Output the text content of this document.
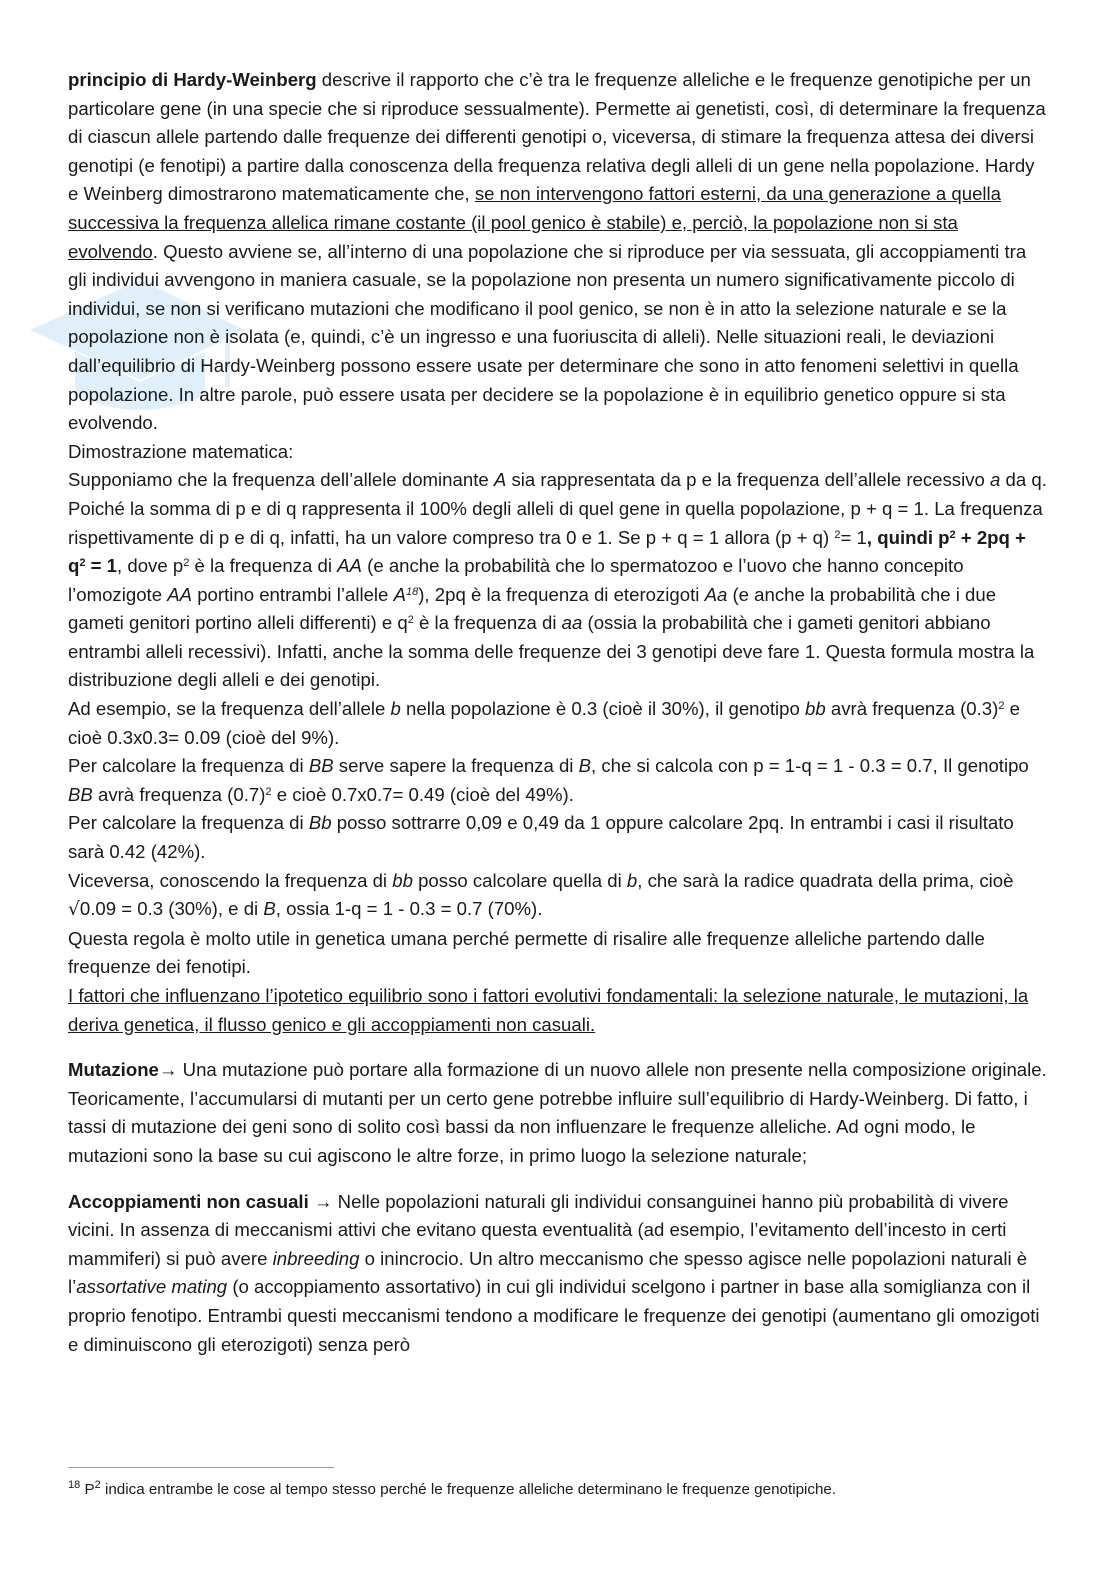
principio di Hardy-Weinberg descrive il rapporto che c’è tra le frequenze alleliche e le frequenze genotipiche per un particolare gene (in una specie che si riproduce sessualmente). Permette ai genetisti, così, di determinare la frequenza di ciascun allele partendo dalle frequenze dei differenti genotipi o, viceversa, di stimare la frequenza attesa dei diversi genotipi (e fenotipi) a partire dalla conoscenza della frequenza relativa degli alleli di un gene nella popolazione. Hardy e Weinberg dimostrarono matematicamente che, se non intervengono fattori esterni, da una generazione a quella successiva la frequenza allelica rimane costante (il pool genico è stabile) e, perciò, la popolazione non si sta evolvendo. Questo avviene se, all’interno di una popolazione che si riproduce per via sessuata, gli accoppiamenti tra gli individui avvengono in maniera casuale, se la popolazione non presenta un numero significativamente piccolo di individui, se non si verificano mutazioni che modificano il pool genico, se non è in atto la selezione naturale e se la popolazione non è isolata (e, quindi, c’è un ingresso e una fuoriuscita di alleli). Nelle situazioni reali, le deviazioni dall’equilibrio di Hardy-Weinberg possono essere usate per determinare che sono in atto fenomeni selettivi in quella popolazione. In altre parole, può essere usata per decidere se la popolazione è in equilibrio genetico oppure si sta evolvendo.

Dimostrazione matematica:

Supponiamo che la frequenza dell’allele dominante A sia rappresentata da p e la frequenza dell’allele recessivo a da q. Poiché la somma di p e di q rappresenta il 100% degli alleli di quel gene in quella popolazione, p + q = 1. La frequenza rispettivamente di p e di q, infatti, ha un valore compreso tra 0 e 1. Se p + q = 1 allora (p + q) $^2$= 1, quindi $p^2 + 2pq + q^2 = 1$, dove $p^2$ è la frequenza di AA (e anche la probabilità che lo spermatozoo e l’uovo che hanno concepito l’omozigote AA portino entrambi l’allele $A^{18}$), 2pq è la frequenza di eterozigoti Aa (e anche la probabilità che i due gameti genitori portino alleli differenti) e $q^2$ è la frequenza di aa (ossia la probabilità che i gameti genitori abbiano entrambi alleli recessivi). Infatti, anche la somma delle frequenze dei 3 genotipi deve fare 1. Questa formula mostra la distribuzione degli alleli e dei genotipi.

Ad esempio, se la frequenza dell’allele b nella popolazione è 0.3 (cioè il 30%), il genotipo bb avrà frequenza $(0.3)^2$ e cioè 0.3x0.3= 0.09 (cioè del 9%).

Per calcolare la frequenza di BB serve sapere la frequenza di B, che si calcola con p = 1-q = 1 - 0.3 = 0.7, Il genotipo BB avrà frequenza $(0.7)^2$ e cioè 0.7x0.7= 0.49 (cioè del 49%).

Per calcolare la frequenza di Bb posso sottrarre 0,09 e 0,49 da 1 oppure calcolare 2pq. In entrambi i casi il risultato sarà 0.42 (42%).

Viceversa, conoscendo la frequenza di bb posso calcolare quella di b, che sarà la radice quadrata della prima, cioè √0.09 = 0.3 (30%), e di B, ossia 1-q = 1 - 0.3 = 0.7 (70%).

Questa regola è molto utile in genetica umana perché permette di risalire alle frequenze alleliche partendo dalle frequenze dei fenotipi.

I fattori che influenzano l’ipotetico equilibrio sono i fattori evolutivi fondamentali: la selezione naturale, le mutazioni, la deriva genetica, il flusso genico e gli accoppiamenti non casuali.

Mutazione→ Una mutazione può portare alla formazione di un nuovo allele non presente nella composizione originale. Teoricamente, l’accumularsi di mutanti per un certo gene potrebbe influire sull’equilibrio di Hardy-Weinberg. Di fatto, i tassi di mutazione dei geni sono di solito così bassi da non influenzare le frequenze alleliche. Ad ogni modo, le mutazioni sono la base su cui agiscono le altre forze, in primo luogo la selezione naturale;

Accoppiamenti non casuali → Nelle popolazioni naturali gli individui consanguinei hanno più probabilità di vivere vicini. In assenza di meccanismi attivi che evitano questa eventualità (ad esempio, l’evitamento dell’incesto in certi mammiferi) si può avere inbreeding o inincrocio. Un altro meccanismo che spesso agisce nelle popolazioni naturali è l’assortative mating (o accoppiamento assortativo) in cui gli individui scelgono i partner in base alla somiglianza con il proprio fenotipo. Entrambi questi meccanismi tendono a modificare le frequenze dei genotipi (aumentano gli omozigoti e diminuiscono gli eterozigoti) senza però

$^{18}$ $P^2$ indica entrambe le cose al tempo stesso perché le frequenze alleliche determinano le frequenze genotipiche.
